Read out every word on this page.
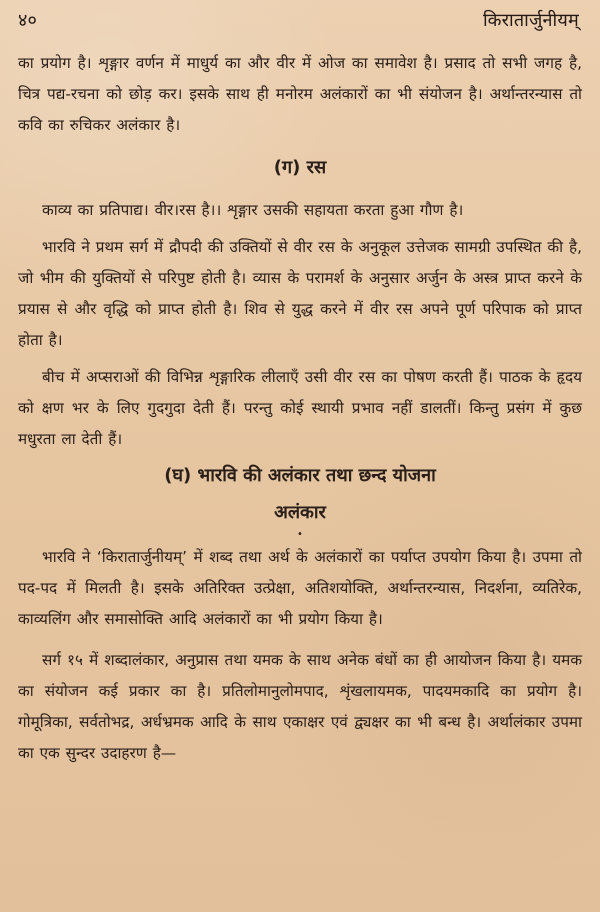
४०	किरातार्जुनीयम्

का प्रयोग है। शृङ्गार वर्णन में माधुर्य का और वीर में ओज का समावेश है। प्रसाद तो सभी जगह है, चित्र पद्य-रचना को छोड़ कर। इसके साथ ही मनोरम अलंकारों का भी संयोजन है। अर्थान्तरन्यास तो कवि का रुचिकर अलंकार है।

(ग) रस

काव्य का प्रतिपाद्य। वीर।रस है।। शृङ्गार उसकी सहायता करता हुआ गौण है।

भारवि ने प्रथम सर्ग में द्रौपदी की उक्तियों से वीर रस के अनुकूल उत्तेजक सामग्री उपस्थित की है, जो भीम की युक्तियों से परिपुष्ट होती है। व्यास के परामर्श के अनुसार अर्जुन के अस्त्र प्राप्त करने के प्रयास से और वृद्धि को प्राप्त होती है। शिव से युद्ध करने में वीर रस अपने पूर्ण परिपाक को प्राप्त होता है।

बीच में अप्सराओं की विभिन्न शृङ्गारिक लीलाएँ उसी वीर रस का पोषण करती हैं। पाठक के हृदय को क्षण भर के लिए गुदगुदा देती हैं। परन्तु कोई स्थायी प्रभाव नहीं डालतीं। किन्तु प्रसंग में कुछ मधुरता ला देती हैं।

(घ) भारवि की अलंकार तथा छन्द योजना
अलंकार
•

भारवि ने ‘किरातार्जुनीयम्’ में शब्द तथा अर्थ के अलंकारों का पर्याप्त उपयोग किया है। उपमा तो पद-पद में मिलती है। इसके अतिरिक्त उत्प्रेक्षा, अतिशयोक्ति, अर्थान्तरन्यास, निदर्शना, व्यतिरेक, काव्यलिंग और समासोक्ति आदि अलंकारों का भी प्रयोग किया है।

सर्ग १५ में शब्दालंकार, अनुप्रास तथा यमक के साथ अनेक बंधों का ही आयोजन किया है। यमक का संयोजन कई प्रकार का है। प्रतिलोमानुलोमपाद, शृंखलायमक, पादयमकादि का प्रयोग है। गोमूत्रिका, सर्वतोभद्र, अर्धभ्रमक आदि के साथ एकाक्षर एवं द्व्यक्षर का भी बन्ध है। अर्थालंकार उपमा का एक सुन्दर उदाहरण है—
